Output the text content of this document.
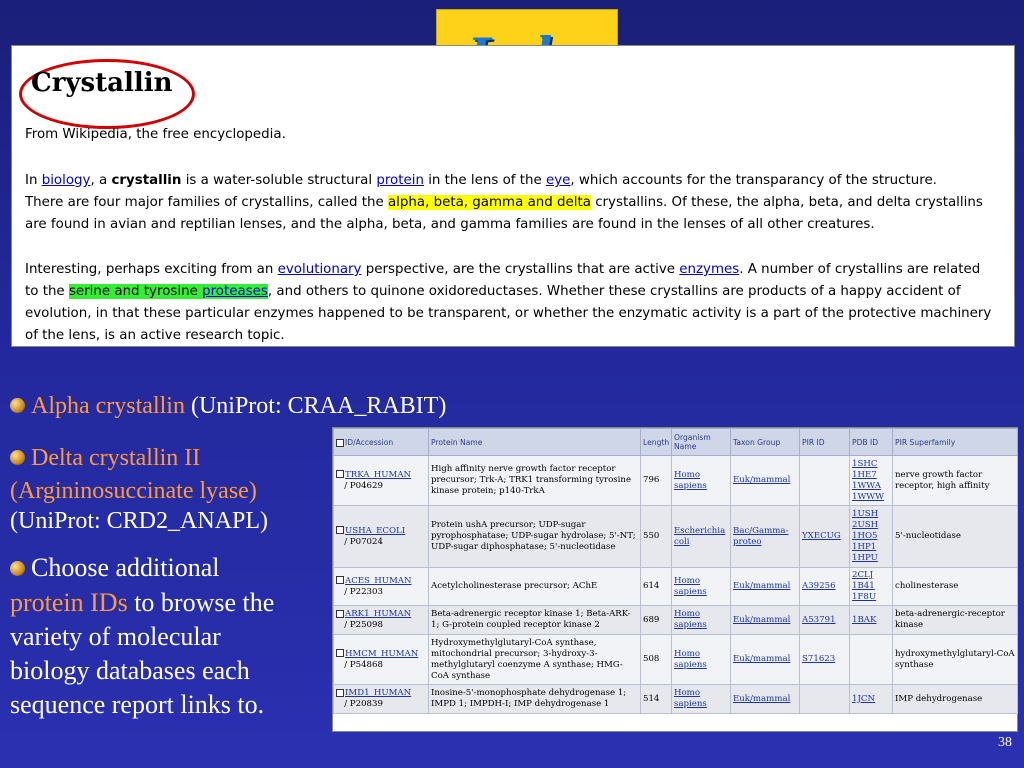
Crystallin
From Wikipedia, the free encyclopedia.
In biology, a crystallin is a water-soluble structural protein in the lens of the eye, which accounts for the transparancy of the structure.
There are four major families of crystallins, called the alpha, beta, gamma and delta crystallins. Of these, the alpha, beta, and delta crystallins
are found in avian and reptilian lenses, and the alpha, beta, and gamma families are found in the lenses of all other creatures.
Interesting, perhaps exciting from an evolutionary perspective, are the crystallins that are active enzymes. A number of crystallins are related
to the serine and tyrosine proteases, and others to quinone oxidoreductases. Whether these crystallins are products of a happy accident of
evolution, in that these particular enzymes happened to be transparent, or whether the enzymatic activity is a part of the protective machinery
of the lens, is an active research topic.
Alpha crystallin (UniProt: CRAA_RABIT)
Delta crystallin II
(Argininosuccinate lyase)
(UniProt: CRD2_ANAPL)
Choose additional
protein IDs to browse the
variety of molecular
biology databases each
sequence report links to.
ID/Accession	Protein Name	Length	Organism Name	Taxon Group	PIR ID	PDB ID	PIR Superfamily
TRKA_HUMAN
/ P04629	High affinity nerve growth factor receptor precursor; Trk-A; TRK1 transforming tyrosine kinase protein; p140-TrkA	796	Homo sapiens	Euk/mammal		1SHC
1HE7
1WWA
1WWW	nerve growth factor receptor, high affinity
USHA_ECOLI
/ P07024	Protein ushA precursor; UDP-sugar pyrophosphatase; UDP-sugar hydrolase; 5'-NT; UDP-sugar diphosphatase; 5'-nucleotidase	550	Escherichia coli	Bac/Gamma-proteo	YXECUG	1USH
2USH
1HO5
1HP1
1HPU	5'-nucleotidase
ACES_HUMAN
/ P22303	Acetylcholinesterase precursor; AChE	614	Homo sapiens	Euk/mammal	A39256	2CLJ
1B41
1F8U	cholinesterase
ARK1_HUMAN
/ P25098	Beta-adrenergic receptor kinase 1; Beta-ARK-1; G-protein coupled receptor kinase 2	689	Homo sapiens	Euk/mammal	A53791	1BAK	beta-adrenergic-receptor kinase
HMCM_HUMAN
/ P54868	Hydroxymethylglutaryl-CoA synthase, mitochondrial precursor; 3-hydroxy-3-methylglutaryl coenzyme A synthase; HMG-CoA synthase	508	Homo sapiens	Euk/mammal	S71623		hydroxymethylglutaryl-CoA synthase
IMD1_HUMAN
/ P20839	Inosine-5'-monophosphate dehydrogenase 1; IMPD 1; IMPDH-I; IMP dehydrogenase 1	514	Homo sapiens	Euk/mammal		1JCN	IMP dehydrogenase
38
